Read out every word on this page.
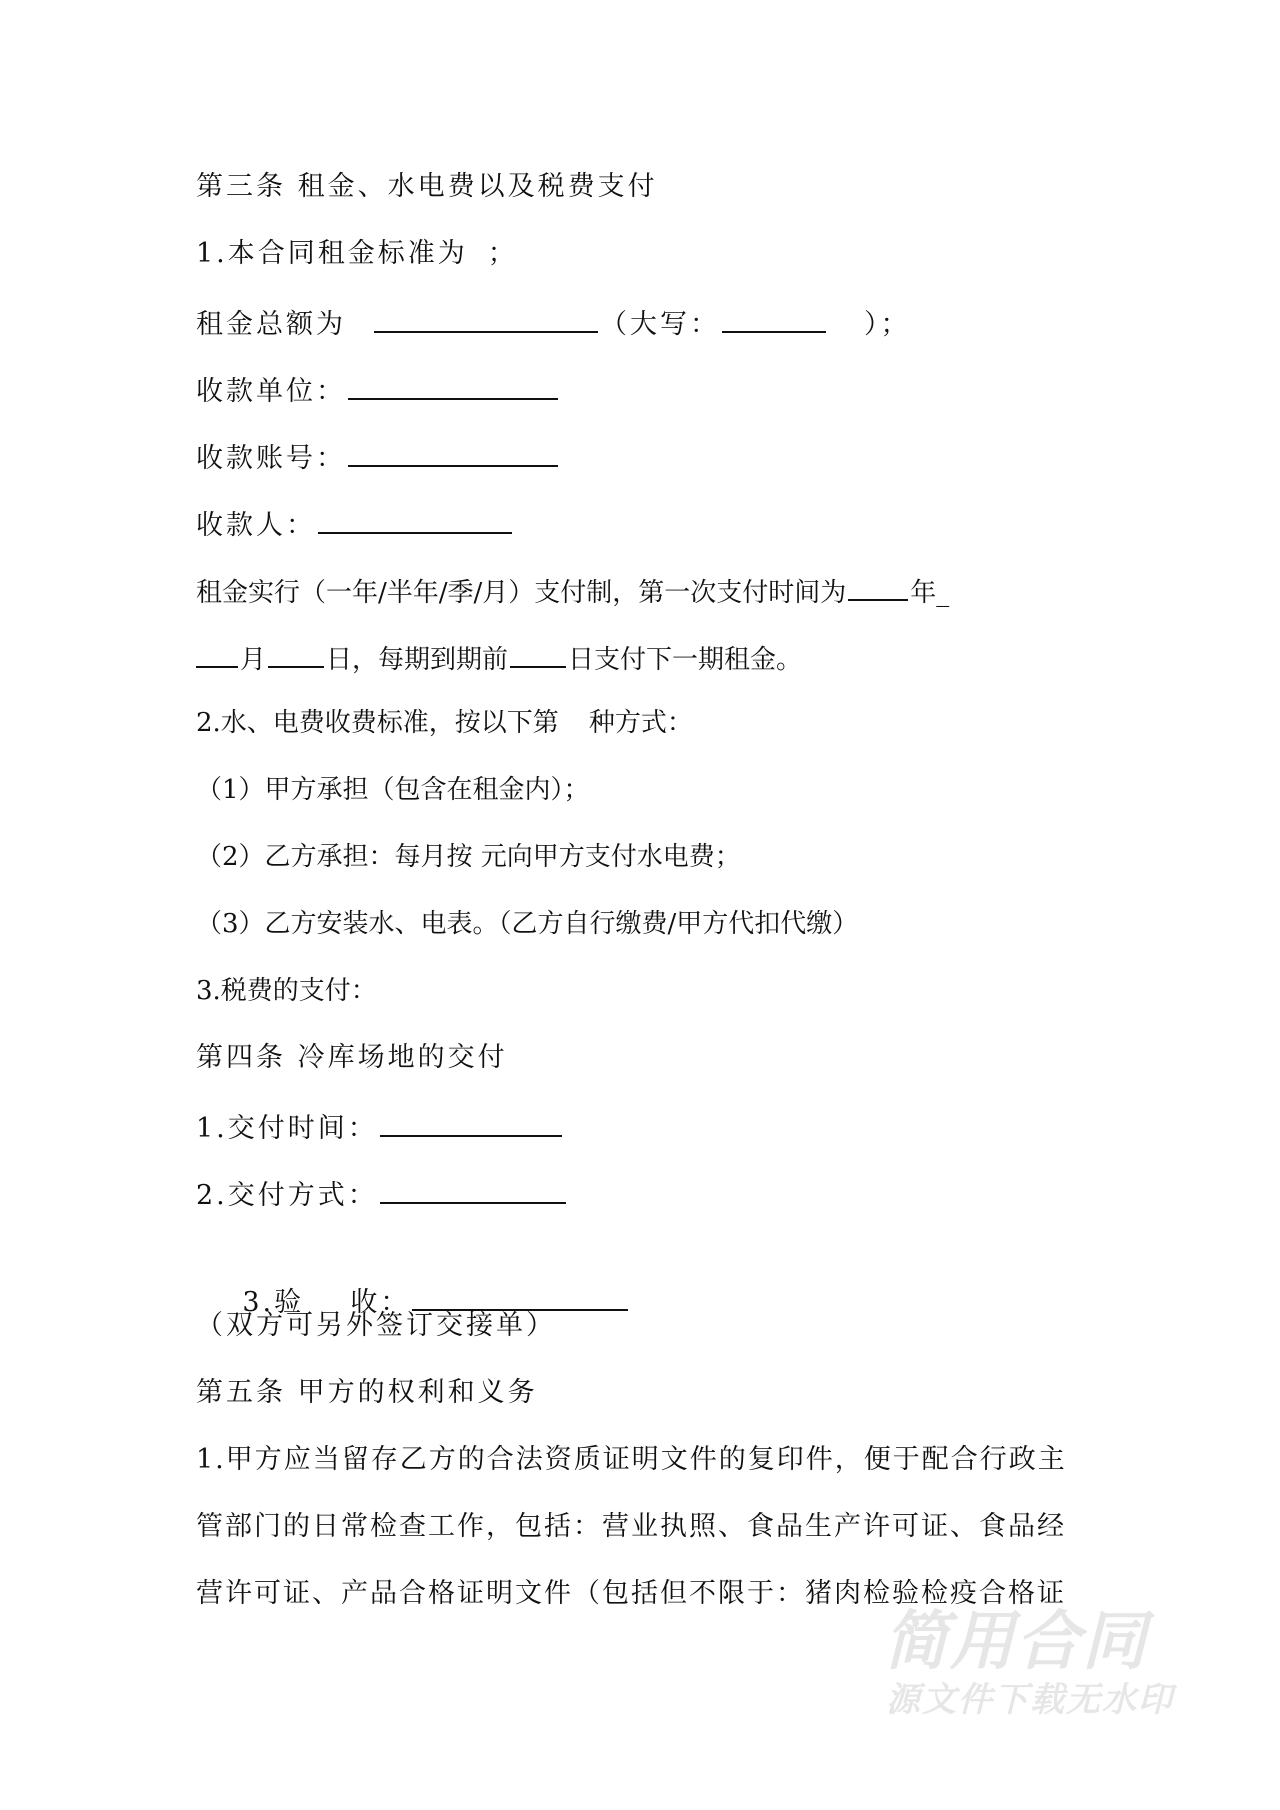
第三条 租金、水电费以及税费支付
1.本合同租金标准为 ；
租金总额为	（大写：	）；
收款单位：
收款账号：
收款人：
租金实行（一年/半年/季/月）支付制，第一次支付时间为 年_
月 日，每期到期前 日支付下一期租金。
2.水、电费收费标准，按以下第 种方式：
（1）甲方承担（包含在租金内）；
（2）乙方承担：每月按 元向甲方支付水电费；
（3）乙方安装水、电表。（乙方自行缴费/甲方代扣代缴）
3.税费的支付：
第四条 冷库场地的交付
1.交付时间：
2.交付方式：

3.验    收：

（双方可另外签订交接单）
第五条 甲方的权利和义务
1.甲方应当留存乙方的合法资质证明文件的复印件，便于配合行政主
管部门的日常检查工作，包括：营业执照、食品生产许可证、食品经
营许可证、产品合格证明文件（包括但不限于：猪肉检验检疫合格证
简用合同
源文件下载无水印
